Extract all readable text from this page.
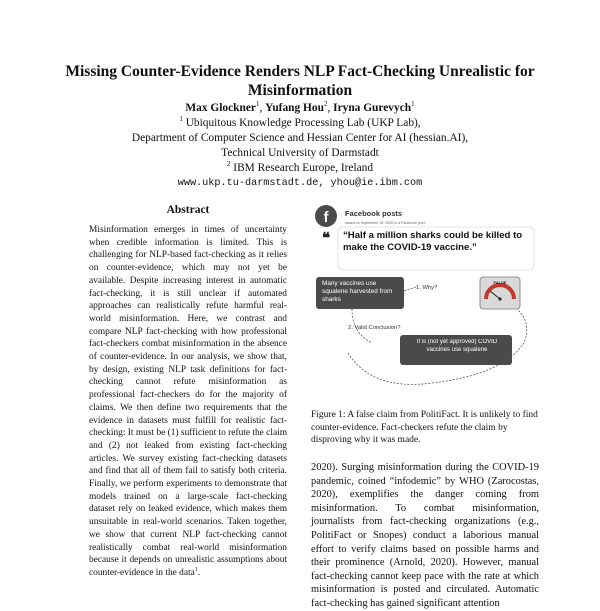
Missing Counter-Evidence Renders NLP Fact-Checking Unrealistic for Misinformation
Max Glockner$^1$, Yufang Hou$^2$, Iryna Gurevych$^1$
$^1$ Ubiquitous Knowledge Processing Lab (UKP Lab),
Department of Computer Science and Hessian Center for AI (hessian.AI),
Technical University of Darmstadt
$^2$ IBM Research Europe, Ireland
www.ukp.tu-darmstadt.de, yhou@ie.ibm.com
Abstract
Misinformation emerges in times of uncertainty when credible information is limited. This is challenging for NLP-based fact-checking as it relies on counter-evidence, which may not yet be available. Despite increasing interest in automatic fact-checking, it is still unclear if automated approaches can realistically refute harmful real-world misinformation. Here, we contrast and compare NLP fact-checking with how professional fact-checkers combat misinformation in the absence of counter-evidence. In our analysis, we show that, by design, existing NLP task definitions for fact-checking cannot refute misinformation as professional fact-checkers do for the majority of claims. We then define two requirements that the evidence in datasets must fulfill for realistic fact-checking: It must be (1) sufficient to refute the claim and (2) not leaked from existing fact-checking articles. We survey existing fact-checking datasets and find that all of them fail to satisfy both criteria. Finally, we perform experiments to demonstrate that models trained on a large-scale fact-checking dataset rely on leaked evidence, which makes them unsuitable in real-world scenarios. Taken together, we show that current NLP fact-checking cannot realistically combat real-world misinformation because it depends on unrealistic assumptions about counter-evidence in the data$^1$.
f Facebook posts
stated on September 15, 2020 in a Facebook post:
❝ “Half a million sharks could be killed to make the COVID-19 vaccine.”
Many vaccines use squalene harvested from sharks
1. Why?
FALSE
2. Valid Conclusion?
It is (not yet approved) COVID vaccines use squalene
Figure 1: A false claim from PolitiFact. It is unlikely to find counter-evidence. Fact-checkers refute the claim by disproving why it was made.
2020). Surging misinformation during the COVID-19 pandemic, coined “infodemic” by WHO (Zarocostas, 2020), exemplifies the danger coming from misinformation. To combat misinformation, journalists from fact-checking organizations (e.g., PolitiFact or Snopes) conduct a laborious manual effort to verify claims based on possible harms and their prominence (Arnold, 2020). However, manual fact-checking cannot keep pace with the rate at which misinformation is posted and circulated. Automatic fact-checking has gained significant attention
